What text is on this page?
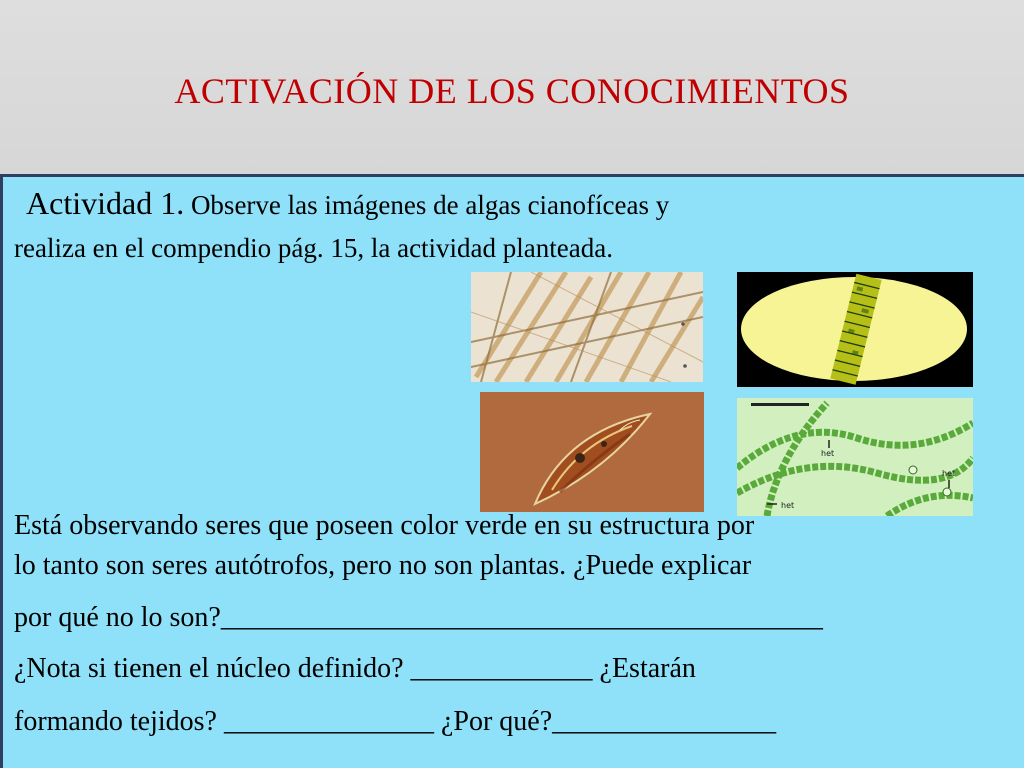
ACTIVACIÓN DE LOS CONOCIMIENTOS
Actividad 1. Observe las imágenes de algas cianofíceas y
realiza en el compendio pág. 15, la actividad planteada.
het
het
het
Está observando seres que poseen color verde en su estructura por
lo tanto son seres autótrofos, pero no son plantas. ¿Puede explicar
por qué no lo son?___________________________________________
¿Nota si tienen el núcleo definido? _____________ ¿Estarán
formando tejidos? _______________ ¿Por qué?________________
